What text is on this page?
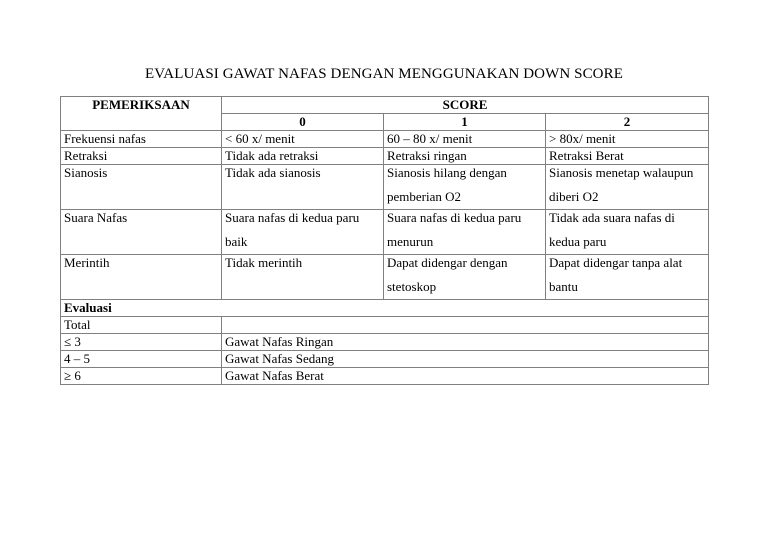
EVALUASI GAWAT NAFAS DENGAN MENGGUNAKAN DOWN SCORE
PEMERIKSAAN	SCORE		
	0	1	2
Frekuensi nafas	< 60 x/ menit	60 – 80 x/ menit	> 80x/ menit
Retraksi	Tidak ada retraksi	Retraksi ringan	Retraksi Berat
Sianosis	Tidak ada sianosis	Sianosis hilang dengan pemberian O2	Sianosis menetap walaupun diberi O2

Suara Nafas	Suara nafas di kedua paru baik	Suara nafas di kedua paru menurun	Tidak ada suara nafas di kedua paru

Merintih	Tidak merintih	Dapat didengar dengan stetoskop	Dapat didengar tanpa alat bantu

Evaluasi			
Total			
≤ 3	Gawat Nafas Ringan		
4 – 5	Gawat Nafas Sedang		
≥ 6	Gawat Nafas Berat		
